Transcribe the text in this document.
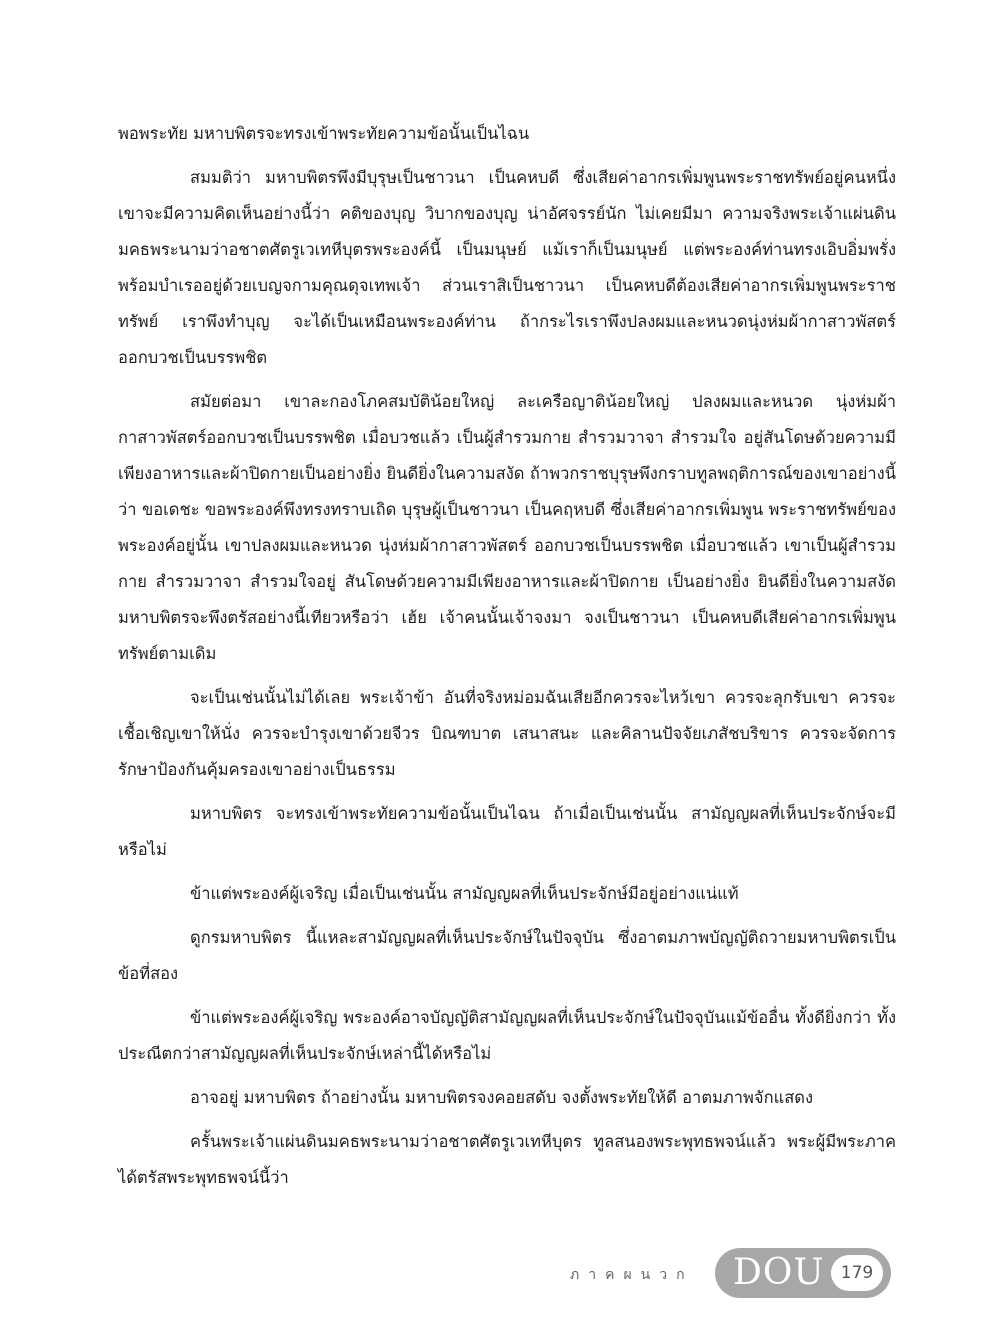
พอพระทัย มหาบพิตรจะทรงเข้าพระทัยความข้อนั้นเป็นไฉน

สมมติว่า มหาบพิตรพึงมีบุรุษเป็นชาวนา เป็นคหบดี ซึ่งเสียค่าอากรเพิ่มพูนพระราชทรัพย์อยู่คนหนึ่ง เขาจะมีความคิดเห็นอย่างนี้ว่า คติของบุญ วิบากของบุญ น่าอัศจรรย์นัก ไม่เคยมีมา ความจริงพระเจ้าแผ่นดินมคธพระนามว่าอชาตศัตรูเวเทหีบุตรพระองค์นี้ เป็นมนุษย์ แม้เราก็เป็นมนุษย์ แต่พระองค์ท่านทรงเอิบอิ่มพรั่งพร้อมบำเรออยู่ด้วยเบญจกามคุณดุจเทพเจ้า ส่วนเราสิเป็นชาวนา เป็นคหบดีต้องเสียค่าอากรเพิ่มพูนพระราชทรัพย์ เราพึงทำบุญ จะได้เป็นเหมือนพระองค์ท่าน ถ้ากระไรเราพึงปลงผมและหนวดนุ่งห่มผ้ากาสาวพัสตร์ ออกบวชเป็นบรรพชิต

สมัยต่อมา เขาละกองโภคสมบัติน้อยใหญ่ ละเครือญาติน้อยใหญ่ ปลงผมและหนวด นุ่งห่มผ้ากาสาวพัสตร์ออกบวชเป็นบรรพชิต เมื่อบวชแล้ว เป็นผู้สำรวมกาย สำรวมวาจา สำรวมใจ อยู่สันโดษด้วยความมีเพียงอาหารและผ้าปิดกายเป็นอย่างยิ่ง ยินดียิ่งในความสงัด ถ้าพวกราชบุรุษพึงกราบทูลพฤติการณ์ของเขาอย่างนี้ว่า ขอเดชะ ขอพระองค์พึงทรงทราบเถิด บุรุษผู้เป็นชาวนา เป็นคฤหบดี ซึ่งเสียค่าอากรเพิ่มพูน พระราชทรัพย์ของพระองค์อยู่นั้น เขาปลงผมและหนวด นุ่งห่มผ้ากาสาวพัสตร์ ออกบวชเป็นบรรพชิต เมื่อบวชแล้ว เขาเป็นผู้สำรวมกาย สำรวมวาจา สำรวมใจอยู่ สันโดษด้วยความมีเพียงอาหารและผ้าปิดกาย เป็นอย่างยิ่ง ยินดียิ่งในความสงัด มหาบพิตรจะพึงตรัสอย่างนี้เทียวหรือว่า เฮ้ย เจ้าคนนั้นเจ้าจงมา จงเป็นชาวนา เป็นคหบดีเสียค่าอากรเพิ่มพูนทรัพย์ตามเดิม

จะเป็นเช่นนั้นไม่ได้เลย พระเจ้าข้า อันที่จริงหม่อมฉันเสียอีกควรจะไหว้เขา ควรจะลุกรับเขา ควรจะเชื้อเชิญเขาให้นั่ง ควรจะบำรุงเขาด้วยจีวร บิณฑบาต เสนาสนะ และคิลานปัจจัยเภสัชบริขาร ควรจะจัดการรักษาป้องกันคุ้มครองเขาอย่างเป็นธรรม

มหาบพิตร จะทรงเข้าพระทัยความข้อนั้นเป็นไฉน ถ้าเมื่อเป็นเช่นนั้น สามัญญผลที่เห็นประจักษ์จะมีหรือไม่

ข้าแต่พระองค์ผู้เจริญ เมื่อเป็นเช่นนั้น สามัญญผลที่เห็นประจักษ์มีอยู่อย่างแน่แท้

ดูกรมหาบพิตร นี้แหละสามัญญผลที่เห็นประจักษ์ในปัจจุบัน ซึ่งอาตมภาพบัญญัติถวายมหาบพิตรเป็นข้อที่สอง

ข้าแต่พระองค์ผู้เจริญ พระองค์อาจบัญญัติสามัญญผลที่เห็นประจักษ์ในปัจจุบันแม้ข้ออื่น ทั้งดียิ่งกว่า ทั้งประณีตกว่าสามัญญผลที่เห็นประจักษ์เหล่านี้ได้หรือไม่

อาจอยู่ มหาบพิตร ถ้าอย่างนั้น มหาบพิตรจงคอยสดับ จงตั้งพระทัยให้ดี อาตมภาพจักแสดง

ครั้นพระเจ้าแผ่นดินมคธพระนามว่าอชาตศัตรูเวเทหีบุตร ทูลสนองพระพุทธพจน์แล้ว พระผู้มีพระภาคได้ตรัสพระพุทธพจน์นี้ว่า

ภาคผนวก DOU 179
